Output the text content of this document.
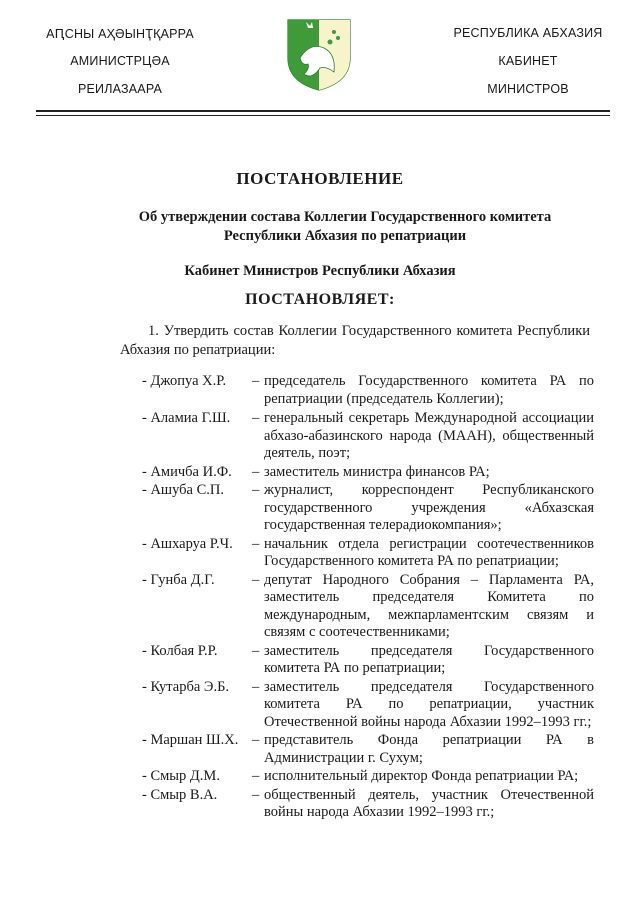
АԤСНЫ АҲӘЫНҬҚАРРА
АМИНИСТРЦӘА
РЕИЛАЗААРА
РЕСПУБЛИКА АБХАЗИЯ
КАБИНЕТ
МИНИСТРОВ
ПОСТАНОВЛЕНИЕ
Об утверждении состава Коллегии Государственного комитета
Республики Абхазия по репатриации
Кабинет Министров Республики Абхазия
ПОСТАНОВЛЯЕТ:
1. Утвердить состав Коллегии Государственного комитета Республики Абхазия по репатриации:
- Джопуа Х.Р. – председатель Государственного комитета РА по репатриации (председатель Коллегии);
- Аламиа Г.Ш. – генеральный секретарь Международной ассоциации абхазо-абазинского народа (МААН), общественный деятель, поэт;
- Амичба И.Ф. – заместитель министра финансов РА;
- Ашуба С.П. – журналист, корреспондент Республиканского государственного учреждения «Абхазская государственная телерадиокомпания»;
- Ашхаруа Р.Ч. – начальник отдела регистрации соотечественников Государственного комитета РА по репатриации;
- Гунба Д.Г.	– депутат Народного Собрания – Парламента РА, заместитель председателя Комитета по международным, межпарламентским связям и связям с соотечественниками;
- Колбая Р.Р. – заместитель председателя Государственного комитета РА по репатриации;
- Кутарба Э.Б. – заместитель председателя Государственного комитета РА по репатриации, участник Отечественной войны народа Абхазии 1992–1993 гг.;
- Маршан Ш.Х. – представитель Фонда репатриации РА в Администрации г. Сухум;
- Смыр Д.М. – исполнительный директор Фонда репатриации РА;
- Смыр В.А. – общественный деятель, участник Отечественной войны народа Абхазии 1992–1993 гг.;
